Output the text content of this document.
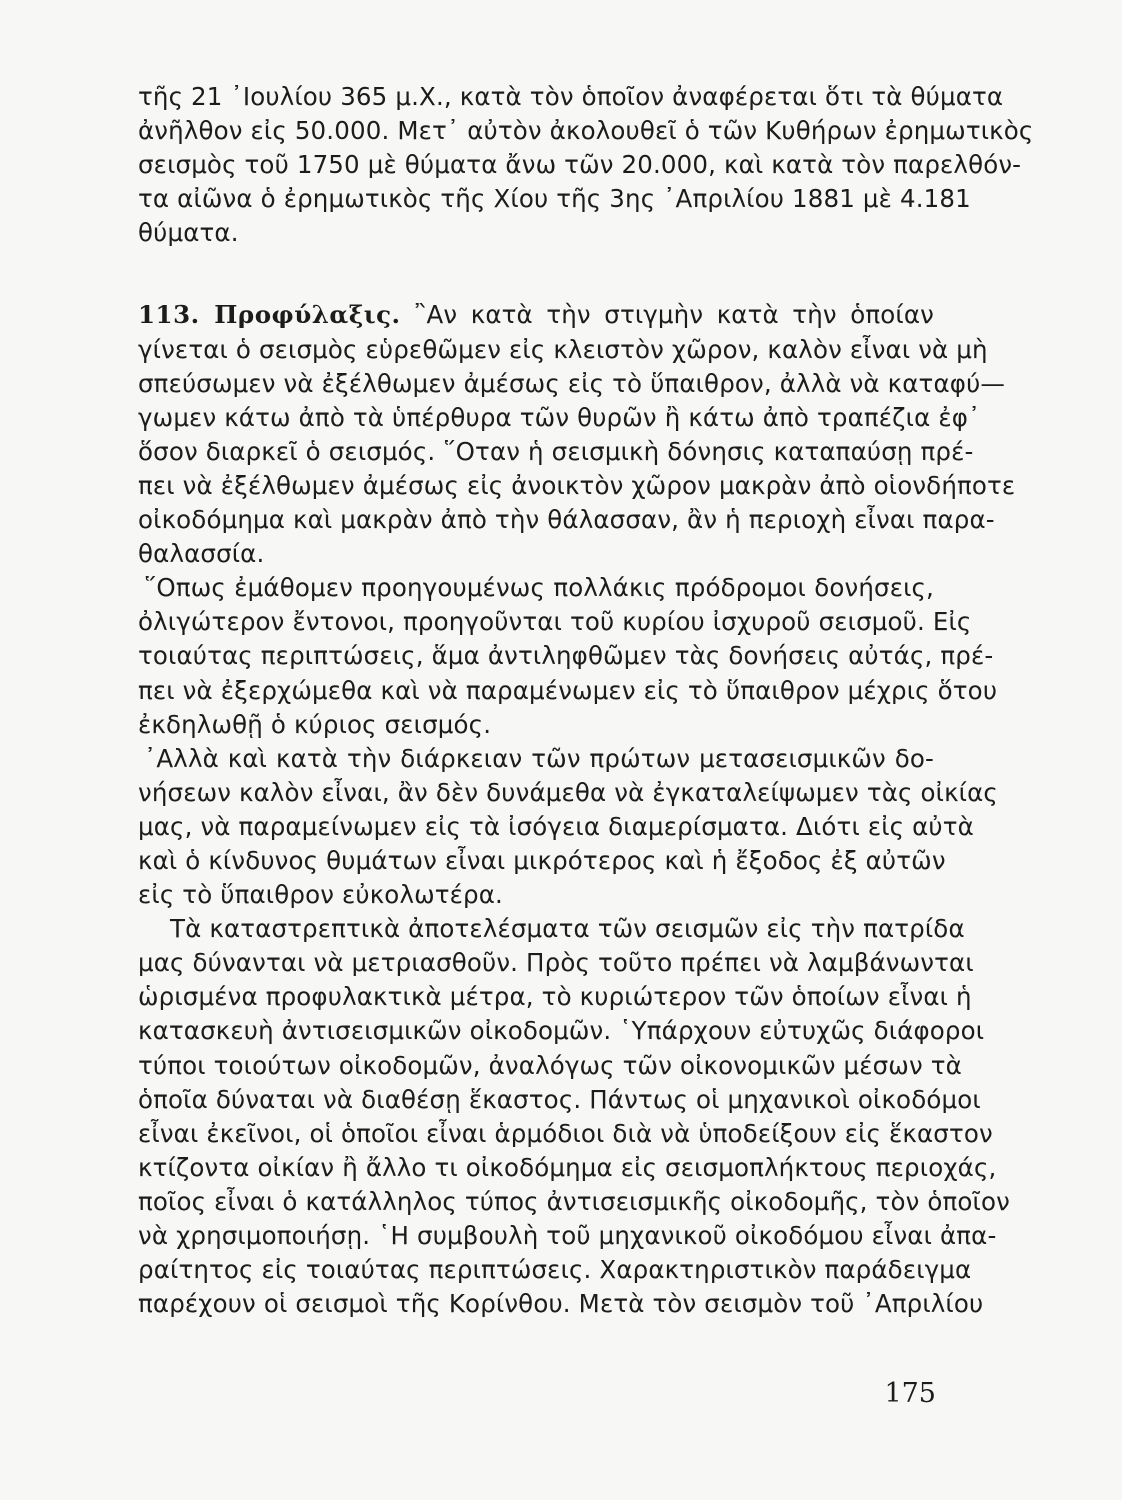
τῆς 21 ᾿Ιουλίου 365 μ.Χ., κατὰ τὸν ὁποῖον ἀναφέρεται ὅτι τὰ θύματα
ἀνῆλθον εἰς 50.000. Μετ᾿ αὐτὸν ἀκολουθεῖ ὁ τῶν Κυθήρων ἐρημωτικὸς
σεισμὸς τοῦ 1750 μὲ θύματα ἄνω τῶν 20.000, καὶ κατὰ τὸν παρελθόν-
τα αἰῶνα ὁ ἐρημωτικὸς τῆς Χίου τῆς 3ης ᾿Απριλίου 1881 μὲ 4.181
θύματα.
113. Προφύλαξις. ῍Αν κατὰ τὴν στιγμὴν κατὰ τὴν ὁποίαν
γίνεται ὁ σεισμὸς εὑρεθῶμεν εἰς κλειστὸν χῶρον, καλὸν εἶναι νὰ μὴ
σπεύσωμεν νὰ ἐξέλθωμεν ἀμέσως εἰς τὸ ὕπαιθρον, ἀλλὰ νὰ καταφύ—
γωμεν κάτω ἀπὸ τὰ ὑπέρθυρα τῶν θυρῶν ἢ κάτω ἀπὸ τραπέζια ἐφ᾿
ὅσον διαρκεῖ ὁ σεισμός. ῞Οταν ἡ σεισμικὴ δόνησις καταπαύσῃ πρέ-
πει νὰ ἐξέλθωμεν ἀμέσως εἰς ἀνοικτὸν χῶρον μακρὰν ἀπὸ οἱονδήποτε
οἰκοδόμημα καὶ μακρὰν ἀπὸ τὴν θάλασσαν, ἂν ἡ περιοχὴ εἶναι παρα-
θαλασσία.
῞Οπως ἐμάθομεν προηγουμένως πολλάκις πρόδρομοι δονήσεις,
ὀλιγώτερον ἔντονοι, προηγοῦνται τοῦ κυρίου ἰσχυροῦ σεισμοῦ. Εἰς
τοιαύτας περιπτώσεις, ἅμα ἀντιληφθῶμεν τὰς δονήσεις αὐτάς, πρέ-
πει νὰ ἐξερχώμεθα καὶ νὰ παραμένωμεν εἰς τὸ ὕπαιθρον μέχρις ὅτου
ἐκδηλωθῇ ὁ κύριος σεισμός.
᾿Αλλὰ καὶ κατὰ τὴν διάρκειαν τῶν πρώτων μετασεισμικῶν δο-
νήσεων καλὸν εἶναι, ἂν δὲν δυνάμεθα νὰ ἐγκαταλείψωμεν τὰς οἰκίας
μας, νὰ παραμείνωμεν εἰς τὰ ἰσόγεια διαμερίσματα. Διότι εἰς αὐτὰ
καὶ ὁ κίνδυνος θυμάτων εἶναι μικρότερος καὶ ἡ ἔξοδος ἐξ αὐτῶν
εἰς τὸ ὕπαιθρον εὐκολωτέρα.
Τὰ καταστρεπτικὰ ἀποτελέσματα τῶν σεισμῶν εἰς τὴν πατρίδα
μας δύνανται νὰ μετριασθοῦν. Πρὸς τοῦτο πρέπει νὰ λαμβάνωνται
ὡρισμένα προφυλακτικὰ μέτρα, τὸ κυριώτερον τῶν ὁποίων εἶναι ἡ
κατασκευὴ ἀντισεισμικῶν οἰκοδομῶν. ῾Υπάρχουν εὐτυχῶς διάφοροι
τύποι τοιούτων οἰκοδομῶν, ἀναλόγως τῶν οἰκονομικῶν μέσων τὰ
ὁποῖα δύναται νὰ διαθέσῃ ἕκαστος. Πάντως οἱ μηχανικοὶ οἰκοδόμοι
εἶναι ἐκεῖνοι, οἱ ὁποῖοι εἶναι ἁρμόδιοι διὰ νὰ ὑποδείξουν εἰς ἕκαστον
κτίζοντα οἰκίαν ἢ ἄλλο τι οἰκοδόμημα εἰς σεισμοπλήκτους περιοχάς,
ποῖος εἶναι ὁ κατάλληλος τύπος ἀντισεισμικῆς οἰκοδομῆς, τὸν ὁποῖον
νὰ χρησιμοποιήσῃ. ῾Η συμβουλὴ τοῦ μηχανικοῦ οἰκοδόμου εἶναι ἀπα-
ραίτητος εἰς τοιαύτας περιπτώσεις. Χαρακτηριστικὸν παράδειγμα
παρέχουν οἱ σεισμοὶ τῆς Κορίνθου. Μετὰ τὸν σεισμὸν τοῦ ᾿Απριλίου
175
